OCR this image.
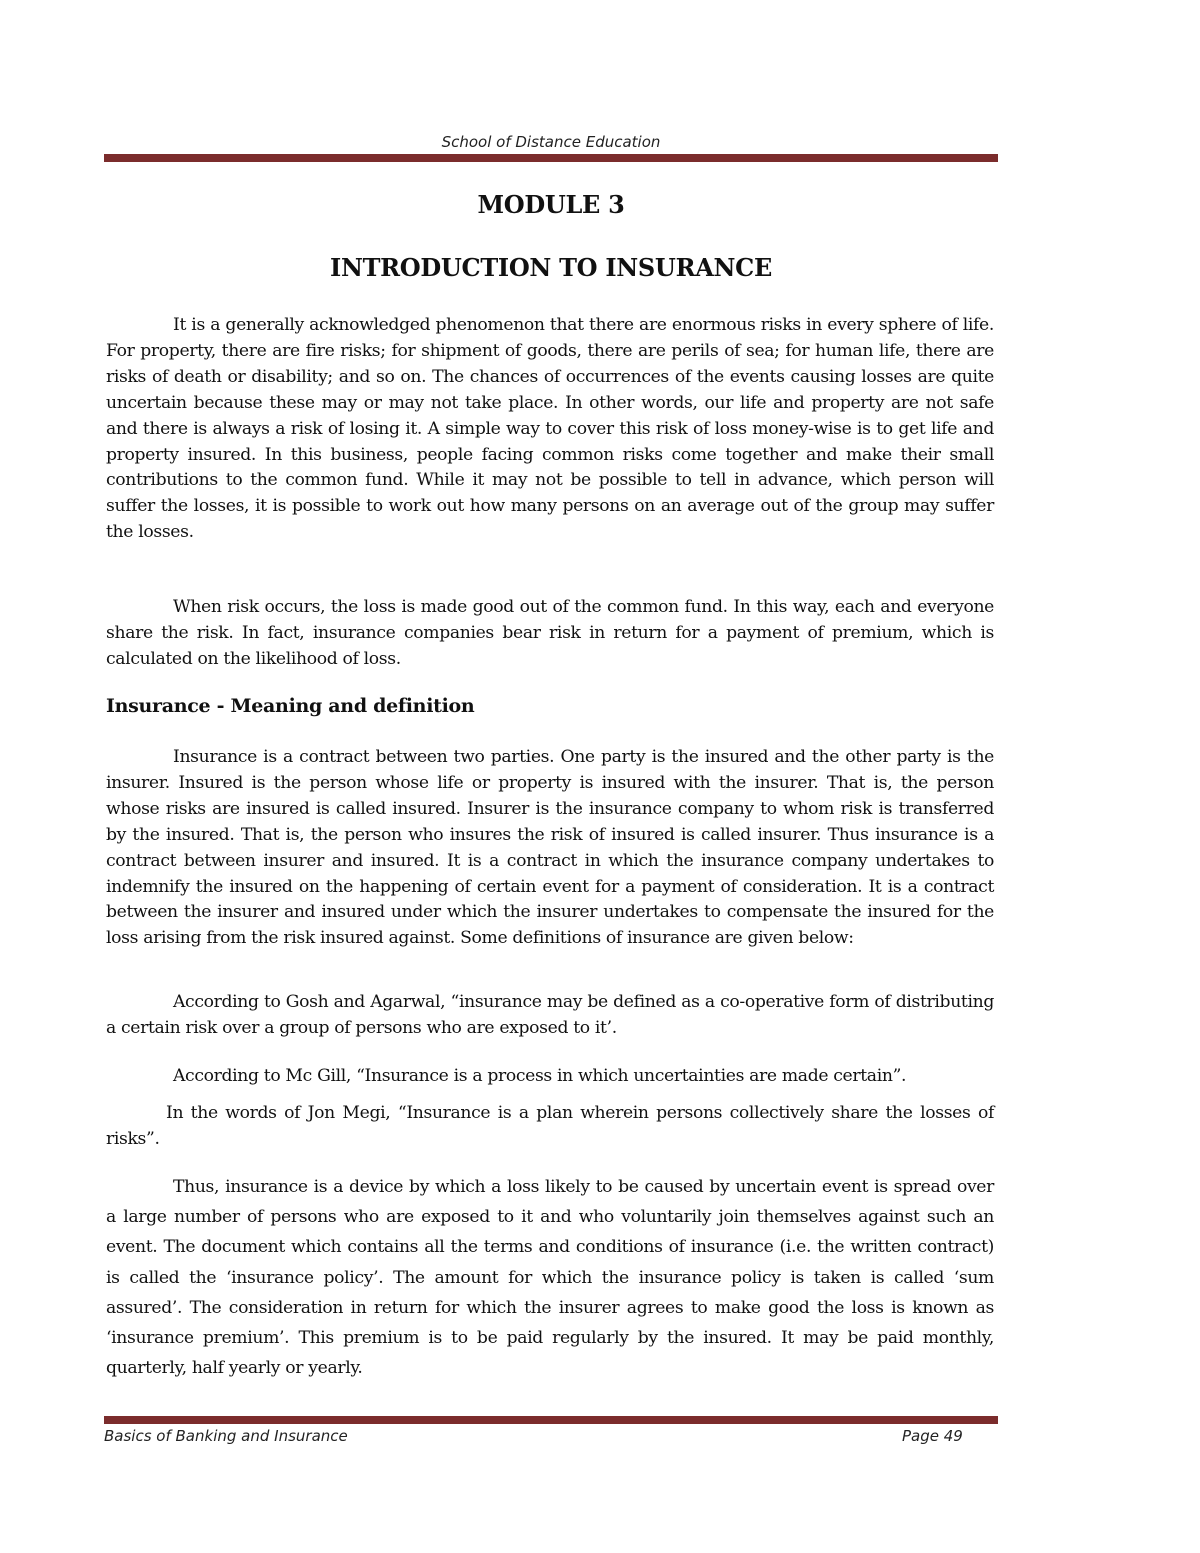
School of Distance Education
MODULE 3
INTRODUCTION TO INSURANCE

It is a generally acknowledged phenomenon that there are enormous risks in every sphere of life. For property, there are fire risks; for shipment of goods, there are perils of sea; for human life, there are risks of death or disability; and so on. The chances of occurrences of the events causing losses are quite uncertain because these may or may not take place. In other words, our life and property are not safe and there is always a risk of losing it. A simple way to cover this risk of loss money-wise is to get life and property insured. In this business, people facing common risks come together and make their small contributions to the common fund. While it may not be possible to tell in advance, which person will suffer the losses, it is possible to work out how many persons on an average out of the group may suffer the losses.

When risk occurs, the loss is made good out of the common fund. In this way, each and everyone share the risk. In fact, insurance companies bear risk in return for a payment of premium, which is calculated on the likelihood of loss.

Insurance - Meaning and definition

Insurance is a contract between two parties. One party is the insured and the other party is the insurer. Insured is the person whose life or property is insured with the insurer. That is, the person whose risks are insured is called insured. Insurer is the insurance company to whom risk is transferred by the insured. That is, the person who insures the risk of insured is called insurer. Thus insurance is a contract between insurer and insured. It is a contract in which the insurance company undertakes to indemnify the insured on the happening of certain event for a payment of consideration. It is a contract between the insurer and insured under which the insurer undertakes to compensate the insured for the loss arising from the risk insured against. Some definitions of insurance are given below:

According to Gosh and Agarwal, “insurance may be defined as a co-operative form of distributing a certain risk over a group of persons who are exposed to it’.

According to Mc Gill, “Insurance is a process in which uncertainties are made certain”.

In the words of Jon Megi, “Insurance is a plan wherein persons collectively share the losses of risks”.

Thus, insurance is a device by which a loss likely to be caused by uncertain event is spread over a large number of persons who are exposed to it and who voluntarily join themselves against such an event. The document which contains all the terms and conditions of insurance (i.e. the written contract) is called the ‘insurance policy’. The amount for which the insurance policy is taken is called ‘sum assured’. The consideration in return for which the insurer agrees to make good the loss is known as ‘insurance premium’. This premium is to be paid regularly by the insured. It may be paid monthly, quarterly, half yearly or yearly.

Basics of Banking and Insurance	Page 49
